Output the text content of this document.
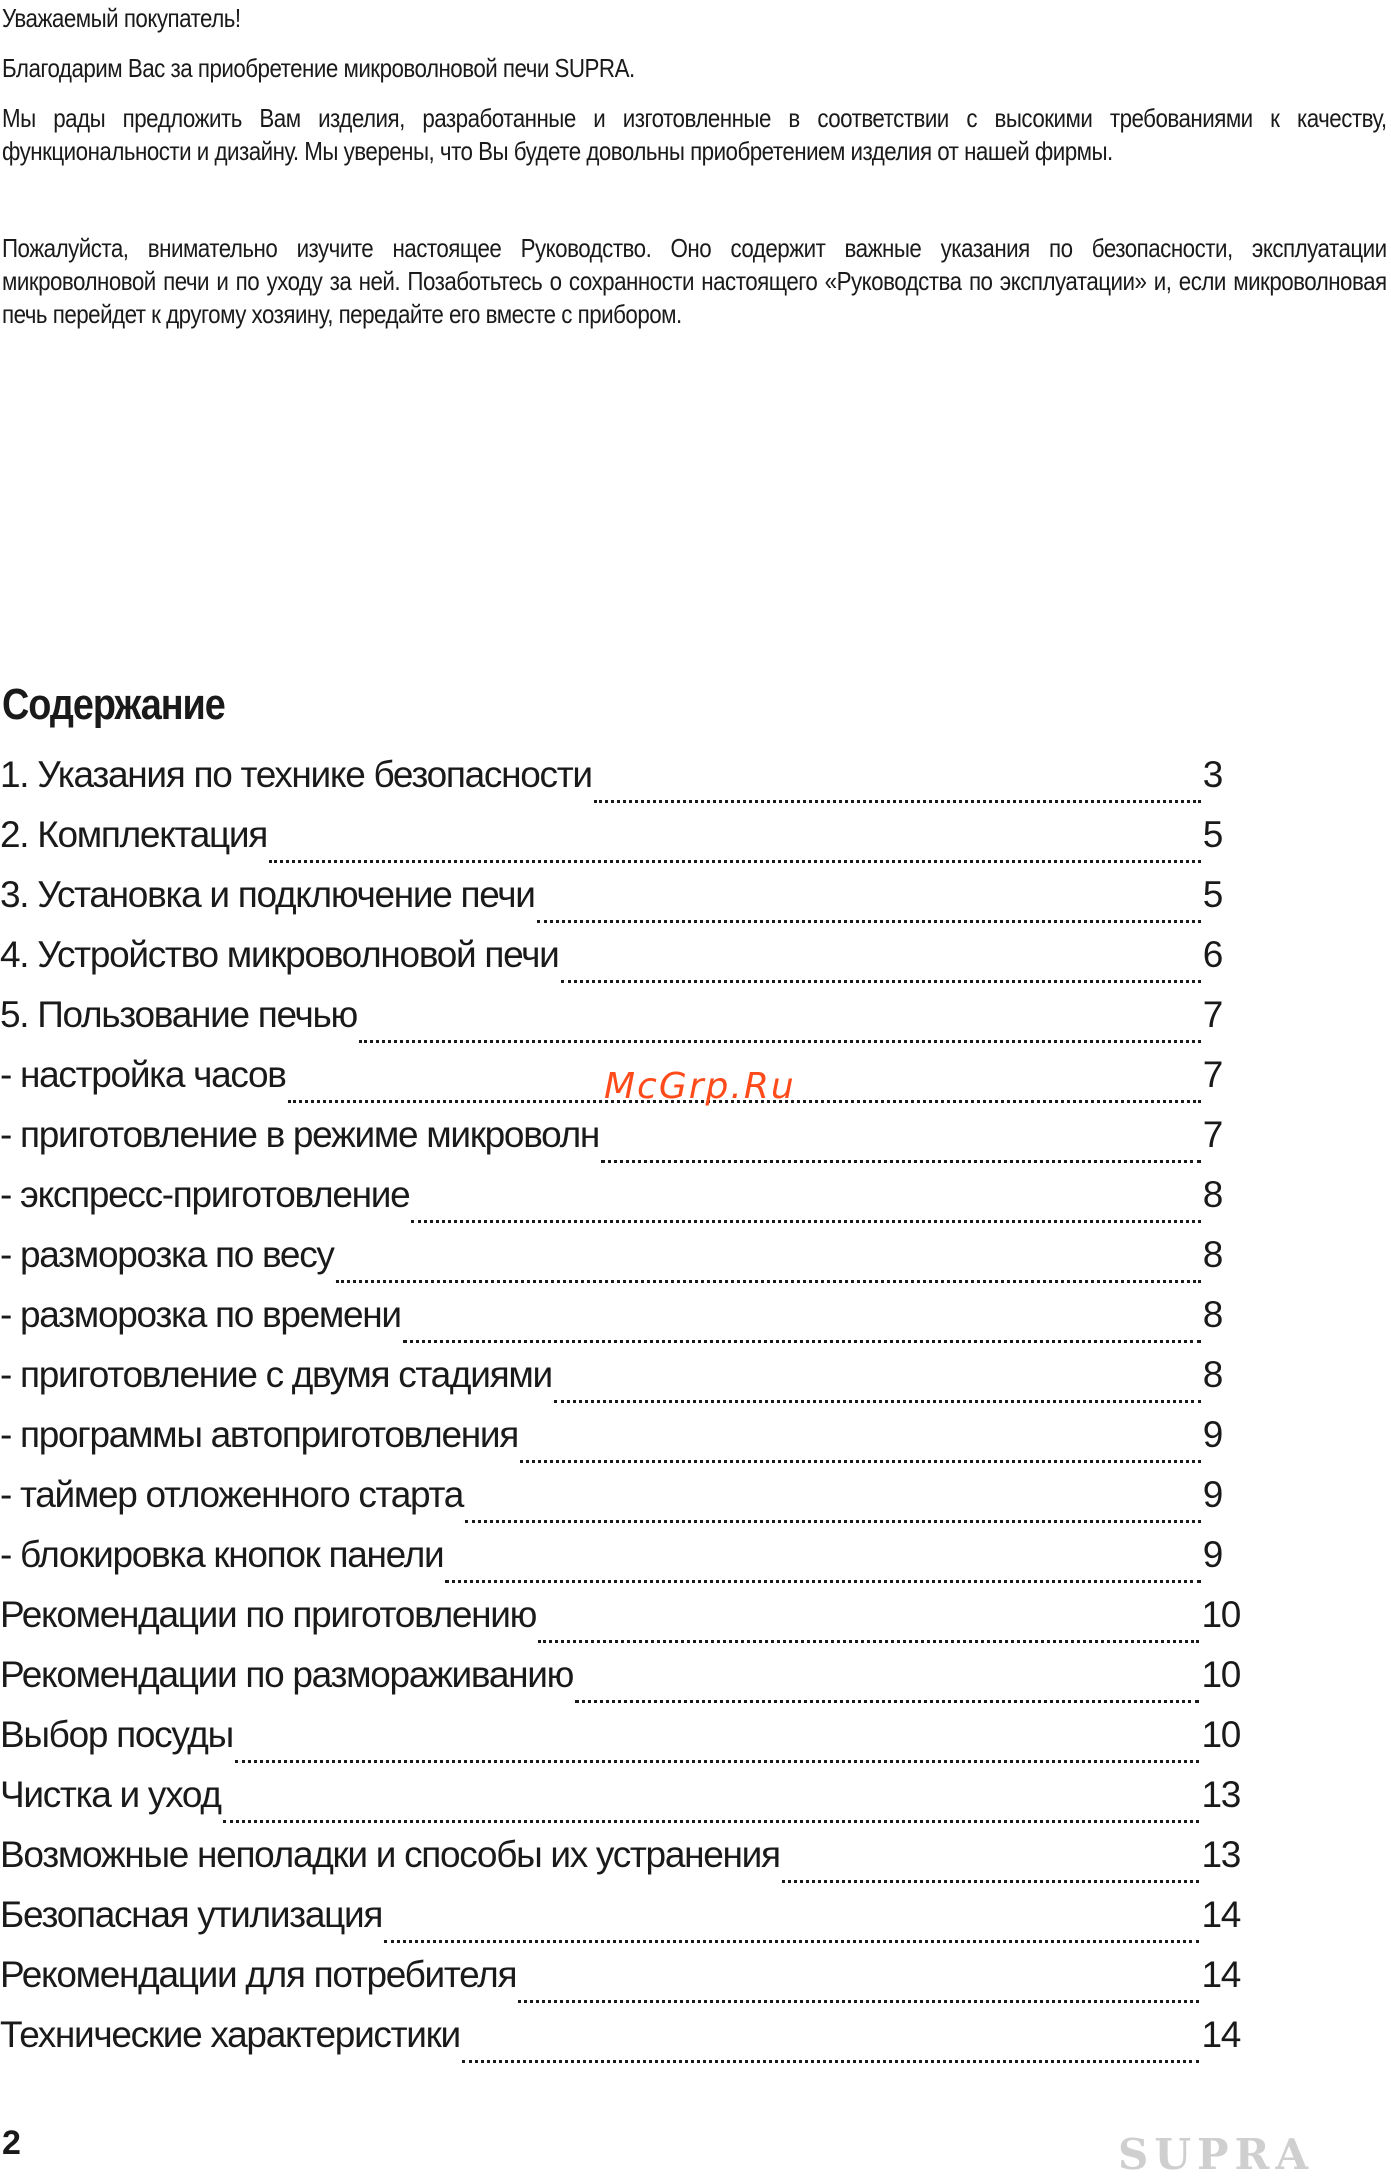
Уважаемый покупатель!
Благодарим Вас за приобретение микроволновой печи SUPRA.
Мы рады предложить Вам изделия, разработанные и изготовленные в соответствии с высокими требованиями к качеству, функциональности и дизайну. Мы уверены, что Вы будете довольны приобретением изделия от нашей фирмы.
Пожалуйста, внимательно изучите настоящее Руководство. Оно содержит важные указания по безопасности, эксплуатации микроволновой печи и по уходу за ней. Позаботьтесь о сохранности настоящего «Руководства по эксплуатации» и, если микроволновая печь перейдет к другому хозяину, передайте его вместе с прибором.
Содержание
1. Указания по технике безопасности	3
2. Комплектация	5
3. Установка и подключение печи	5
4. Устройство микроволновой печи	6
5. Пользование печью	7
- настройка часов	7
- приготовление в режиме микроволн	7
- экспресс-приготовление	8
- разморозка по весу	8
- разморозка по времени	8
- приготовление с двумя стадиями	8
- программы автоприготовления	9
- таймер отложенного старта	9
- блокировка кнопок панели	9
Рекомендации по приготовлению	10
Рекомендации по размораживанию	10
Выбор посуды	10
Чистка и уход	13
Возможные неполадки и способы их устранения	13
Безопасная утилизация	14
Рекомендации для потребителя	14
Технические характеристики	14
McGrp.Ru
2	SUPRA
